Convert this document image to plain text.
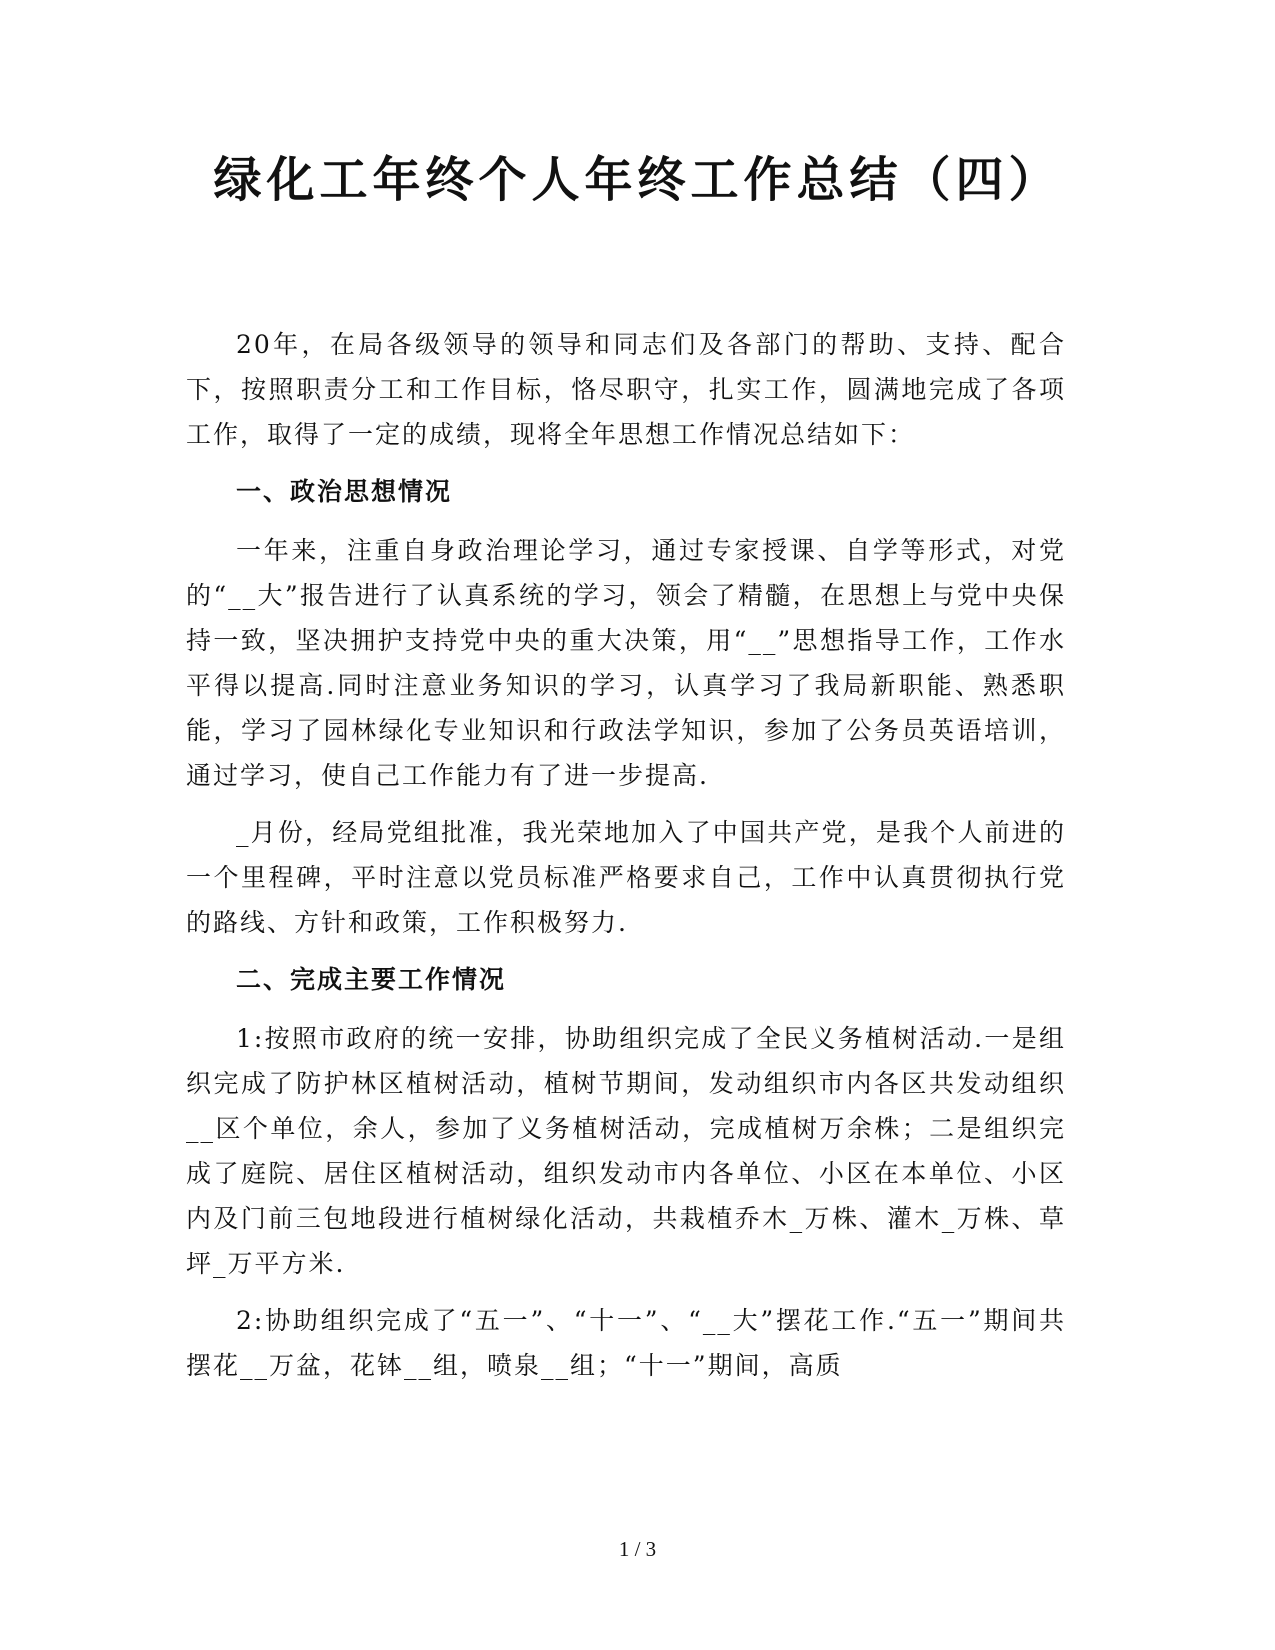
绿化工年终个人年终工作总结（四）

20年，在局各级领导的领导和同志们及各部门的帮助、支持、配合下，按照职责分工和工作目标，恪尽职守，扎实工作，圆满地完成了各项工作，取得了一定的成绩，现将全年思想工作情况总结如下：

一、政治思想情况

一年来，注重自身政治理论学习，通过专家授课、自学等形式，对党的“__大”报告进行了认真系统的学习，领会了精髓，在思想上与党中央保持一致，坚决拥护支持党中央的重大决策，用“__”思想指导工作，工作水平得以提高.同时注意业务知识的学习，认真学习了我局新职能、熟悉职能，学习了园林绿化专业知识和行政法学知识，参加了公务员英语培训，通过学习，使自己工作能力有了进一步提高.

_月份，经局党组批准，我光荣地加入了中国共产党，是我个人前进的一个里程碑，平时注意以党员标准严格要求自己，工作中认真贯彻执行党的路线、方针和政策，工作积极努力.

二、完成主要工作情况

1:按照市政府的统一安排，协助组织完成了全民义务植树活动.一是组织完成了防护林区植树活动，植树节期间，发动组织市内各区共发动组织__区个单位，余人，参加了义务植树活动，完成植树万余株；二是组织完成了庭院、居住区植树活动，组织发动市内各单位、小区在本单位、小区内及门前三包地段进行植树绿化活动，共栽植乔木_万株、灌木_万株、草坪_万平方米.

2:协助组织完成了“五一”、“十一”、“__大”摆花工作.“五一”期间共摆花__万盆，花钵__组，喷泉__组；“十一”期间，高质

1 / 3
